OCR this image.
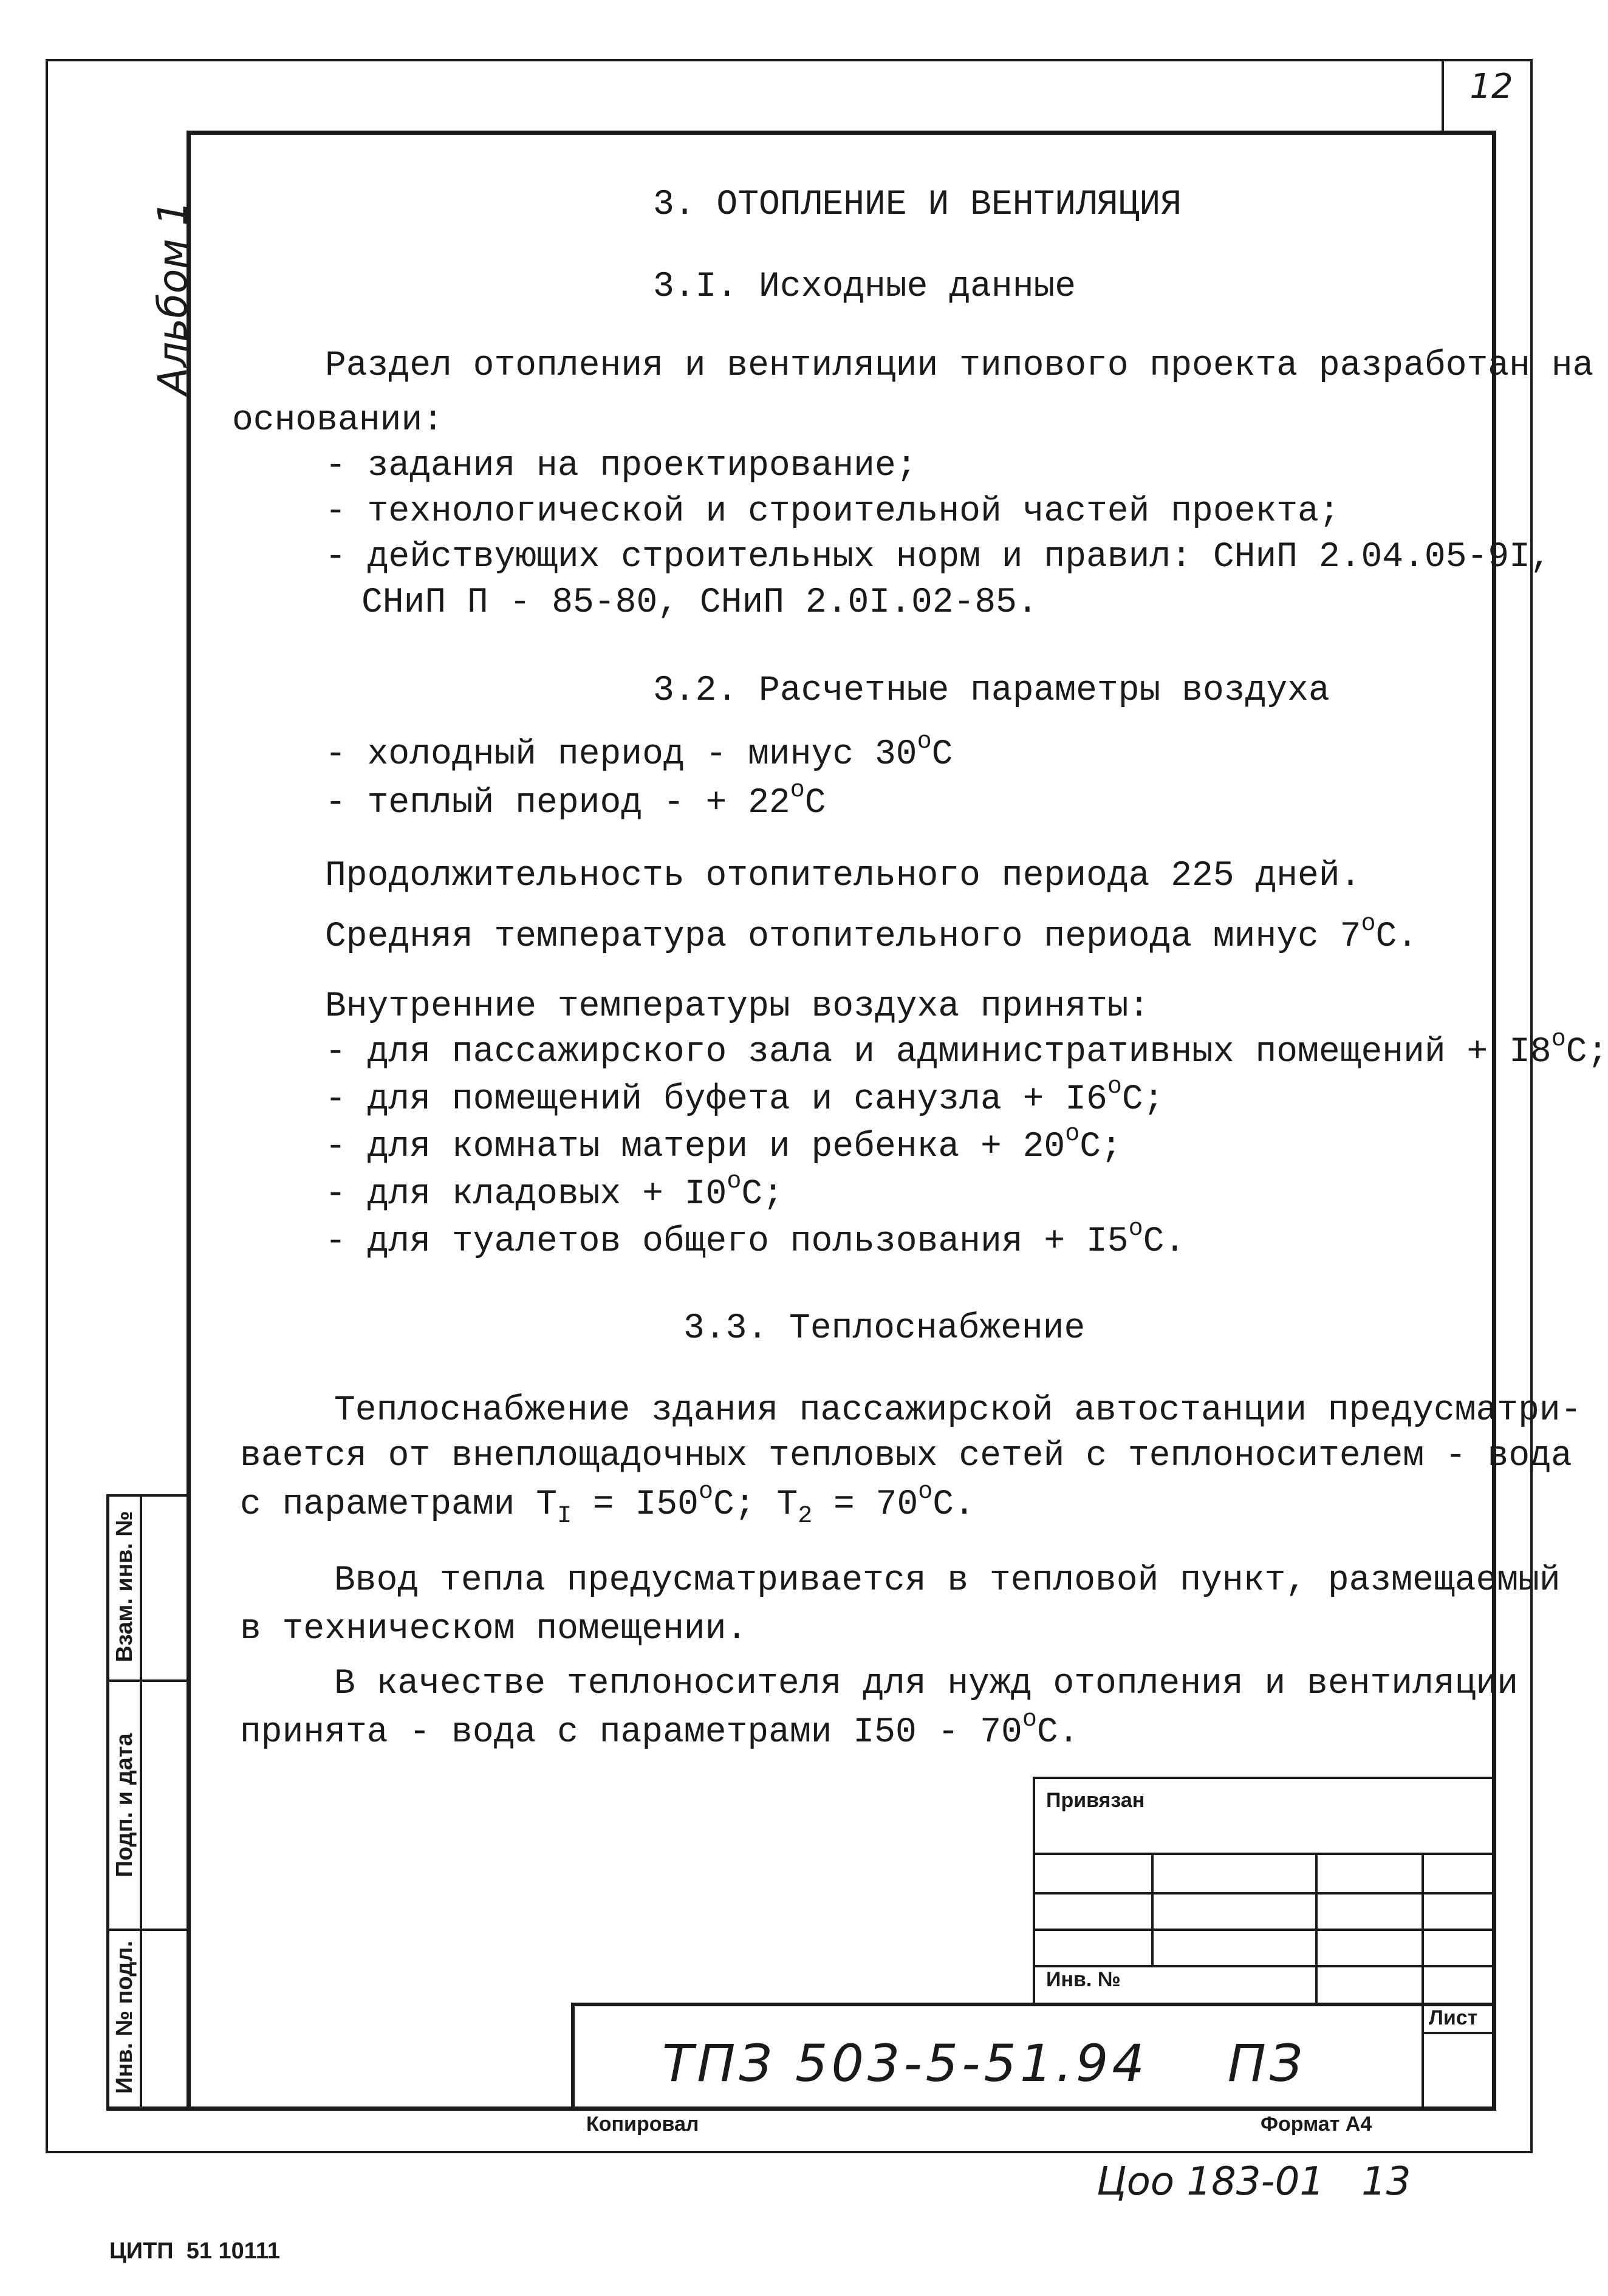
12
Альбом 1
Взам. инв. №
Подп. и дата
Инв. № подл.
3. ОТОПЛЕНИЕ И ВЕНТИЛЯЦИЯ
3.I. Исходные данные
Раздел отопления и вентиляции типового проекта разработан на
основании:
- задания на проектирование;
- технологической и строительной частей проекта;
- действующих строительных норм и правил: СНиП 2.04.05-9I,
СНиП П - 85-80, СНиП 2.0I.02-85.
3.2. Расчетные параметры воздуха
- холодный период - минус 30$^o$С
- теплый период - + $22^oС$
Продолжительность отопительного периода 225 дней.
Средняя температура отопительного периода минус 7$^o$С.
Внутренние температуры воздуха приняты:
- для пассажирского зала и административных помещений + $I8^oС$;
- для помещений буфета и санузла + $I6^oС$;
- для комнаты матери и ребенка + $20^oС$;
- для кладовых + $I0^oС$;
- для туалетов общего пользования + $I5^oС$.
3.3. Теплоснабжение
Теплоснабжение здания пассажирской автостанции предусматри-
вается от внеплощадочных тепловых сетей с теплоносителем - вода
с параметрами $T_I = I50^oС$; $T_2 = 70^oС$.
Ввод тепла предусматривается в тепловой пункт, размещаемый
в техническом помещении.
В качестве теплоносителя для нужд отопления и вентиляции
принята - вода с параметрами I50 - 70$^o$С.
Привязан
Инв. №
Лист
ТПЗ 503-5-51.94    ПЗ
Копировал	Формат А4
Цоо 183-01   13
ЦИТП  51 10111
